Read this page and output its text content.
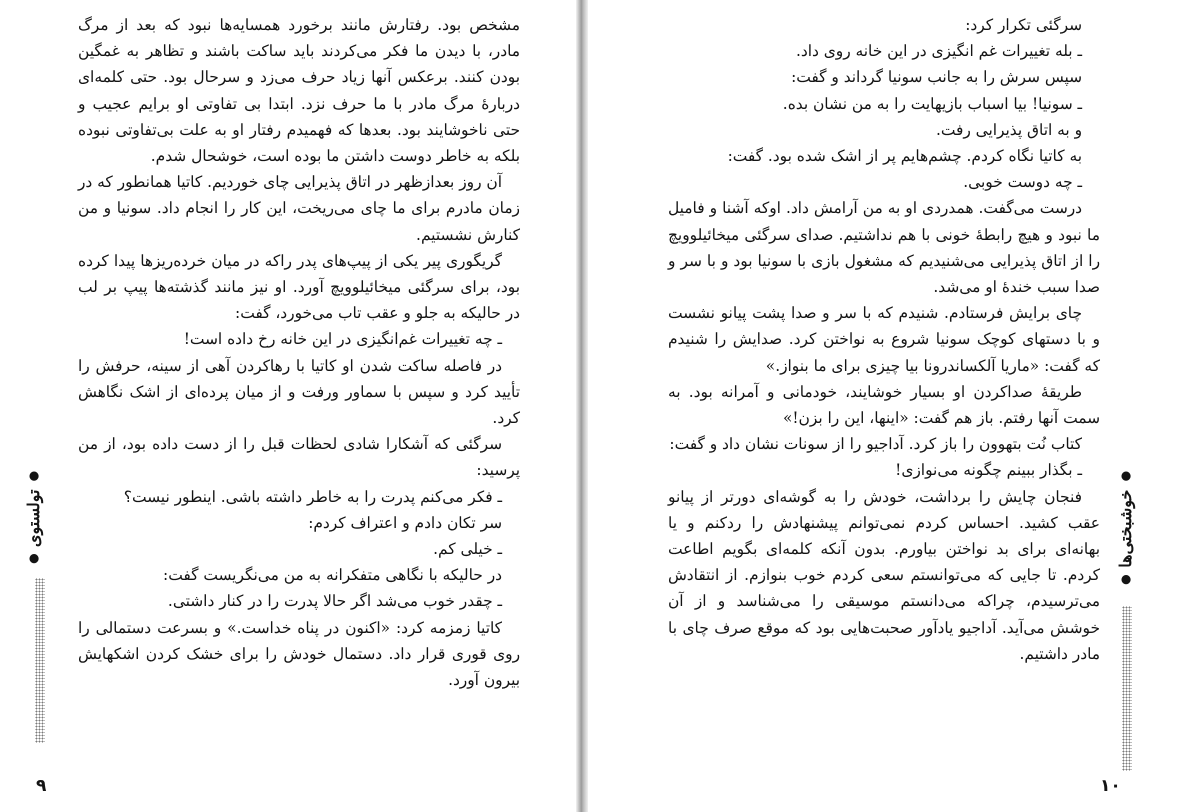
مشخص بود. رفتارش مانند برخورد همسایه‌ها نبود که بعد از مرگ مادر، با دیدن ما فکر می‌کردند باید ساکت باشند و تظاهر به غمگین بودن کنند. برعکس آنها زیاد حرف می‌زد و سرحال بود. حتی کلمه‌ای دربارهٔ مرگ مادر با ما حرف نزد. ابتدا بی تفاوتی او برایم عجیب و حتی ناخوشایند بود. بعدها که فهمیدم رفتار او به علت بی‌تفاوتی نبوده بلکه به خاطر دوست داشتن ما بوده است، خوشحال شدم.

آن روز بعدازظهر در اتاق پذیرایی چای خوردیم. کاتیا همانطور که در زمان مادرم برای ما چای می‌ریخت، این کار را انجام داد. سونیا و من کنارش نشستیم.

گریگوری پیر یکی از پیپ‌های پدر راکه در میان خرده‌ریزها پیدا کرده بود، برای سرگئی میخائیلوویچ آورد. او نیز مانند گذشته‌ها پیپ بر لب در حالیکه به جلو و عقب تاب می‌خورد، گفت:

ـ چه تغییرات غم‌انگیزی در این خانه رخ داده است!

در فاصله ساکت شدن او کاتیا با رهاکردن آهی از سینه، حرفش را تأیید کرد و سپس با سماور ورفت و از میان پرده‌ای از اشک نگاهش کرد.

سرگئی که آشکارا شادی لحظات قبل را از دست داده بود، از من پرسید:

ـ فکر می‌کنم پدرت را به خاطر داشته باشی. اینطور نیست؟

سر تکان دادم و اعتراف کردم:

ـ خیلی کم.

در حالیکه با نگاهی متفکرانه به من می‌نگریست گفت:

ـ چقدر خوب می‌شد اگر حالا پدرت را در کنار داشتی.

کاتیا زمزمه کرد: «اکنون در پناه خداست.» و بسرعت دستمالی را روی قوری قرار داد. دستمال خودش را برای خشک کردن اشکهایش بیرون آورد.

● تولستوی ●
۹

سرگئی تکرار کرد:

ـ بله تغییرات غم انگیزی در این خانه روی داد.

سپس سرش را به جانب سونیا گرداند و گفت:

ـ سونیا! بیا اسباب بازیهایت را به من نشان بده.

و به اتاق پذیرایی رفت.

به کاتیا نگاه کردم. چشم‌هایم پر از اشک شده بود. گفت:

ـ چه دوست خوبی.

درست می‌گفت. همدردی او به من آرامش داد. اوکه آشنا و فامیل ما نبود و هیچ رابطهٔ خونی با هم نداشتیم. صدای سرگئی میخائیلوویچ را از اتاق پذیرایی می‌شنیدیم که مشغول بازی با سونیا بود و با سر و صدا سبب خندهٔ او می‌شد.

چای برایش فرستادم. شنیدم که با سر و صدا پشت پیانو نشست و با دستهای کوچک سونیا شروع به نواختن کرد. صدایش را شنیدم که گفت: «ماریا آلکساندرونا بیا چیزی برای ما بنواز.»

طریقهٔ صداکردن او بسیار خوشایند، خودمانی و آمرانه بود. به سمت آنها رفتم. باز هم گفت: «اینها، این را بزن!»

کتاب نُت بتهوون را باز کرد. آداجیو را از سونات نشان داد و گفت:

ـ بگذار ببینم چگونه می‌نوازی!

فنجان چایش را برداشت، خودش را به گوشه‌ای دورتر از پیانو عقب کشید. احساس کردم نمی‌توانم پیشنهادش را ردکنم و یا بهانه‌ای برای بد نواختن بیاورم. بدون آنکه کلمه‌ای بگویم اطاعت کردم. تا جایی که می‌توانستم سعی کردم خوب بنوازم. از انتقادش می‌ترسیدم، چراکه می‌دانستم موسیقی را می‌شناسد و از آن خوشش می‌آید. آداجیو یادآور صحبت‌هایی بود که موقع صرف چای با مادر داشتیم.

● خوشبختی‌ها ●
۱۰
